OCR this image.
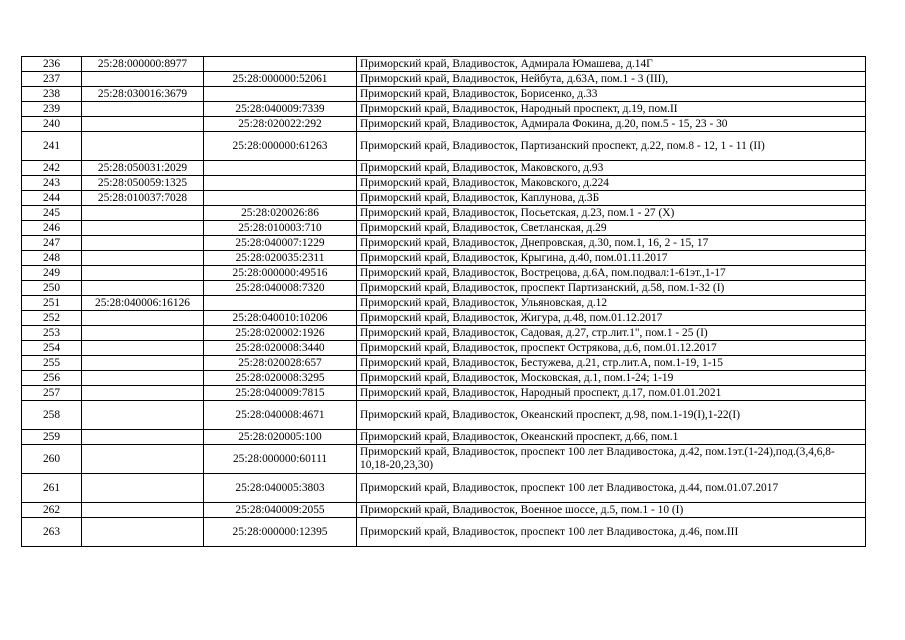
236	25:28:000000:8977		Приморский край, Владивосток, Адмирала Юмашева, д.14Г
237		25:28:000000:52061	Приморский край, Владивосток, Нейбута, д.63А, пом.1 - 3 (III),
238	25:28:030016:3679		Приморский край, Владивосток, Борисенко, д.33
239		25:28:040009:7339	Приморский край, Владивосток, Народный проспект, д.19, пом.II
240		25:28:020022:292	Приморский край, Владивосток, Адмирала Фокина, д.20, пом.5 - 15, 23 - 30
241		25:28:000000:61263	Приморский край, Владивосток, Партизанский проспект, д.22, пом.8 - 12, 1 - 11 (II)
242	25:28:050031:2029		Приморский край, Владивосток, Маковского, д.93
243	25:28:050059:1325		Приморский край, Владивосток, Маковского, д.224
244	25:28:010037:7028		Приморский край, Владивосток, Каплунова, д.3Б
245		25:28:020026:86	Приморский край, Владивосток, Посьетская, д.23, пом.1 - 27 (X)
246		25:28:010003:710	Приморский край, Владивосток, Светланская, д.29
247		25:28:040007:1229	Приморский край, Владивосток, Днепровская, д.30, пом.1, 16, 2 - 15, 17
248		25:28:020035:2311	Приморский край, Владивосток, Крыгина, д.40, пом.01.11.2017
249		25:28:000000:49516	Приморский край, Владивосток, Вострецова, д.6А, пом.подвал:1-61эт.,1-17
250		25:28:040008:7320	Приморский край, Владивосток, проспект Партизанский, д.58, пом.1-32 (I)
251	25:28:040006:16126		Приморский край, Владивосток, Ульяновская, д.12
252		25:28:040010:10206	Приморский край, Владивосток, Жигура, д.48, пом.01.12.2017
253		25:28:020002:1926	Приморский край, Владивосток, Садовая, д.27, стр.лит.1", пом.1 - 25 (I)
254		25:28:020008:3440	Приморский край, Владивосток, проспект Острякова, д.6, пом.01.12.2017
255		25:28:020028:657	Приморский край, Владивосток, Бестужева, д.21, стр.лит.А, пом.1-19, 1-15
256		25:28:020008:3295	Приморский край, Владивосток, Московская, д.1, пом.1-24; 1-19
257		25:28:040009:7815	Приморский край, Владивосток, Народный проспект, д.17, пом.01.01.2021
258		25:28:040008:4671	Приморский край, Владивосток, Океанский проспект, д.98, пом.1-19(I),1-22(I)
259		25:28:020005:100	Приморский край, Владивосток, Океанский проспект, д.66, пом.1
260		25:28:000000:60111	Приморский край, Владивосток, проспект 100 лет Владивостока, д.42, пом.1эт.(1-24),под.(3,4,6,8-10,18-20,23,30)
261		25:28:040005:3803	Приморский край, Владивосток, проспект 100 лет Владивостока, д.44, пом.01.07.2017
262		25:28:040009:2055	Приморский край, Владивосток, Военное шоссе, д.5, пом.1 - 10 (I)
263		25:28:000000:12395	Приморский край, Владивосток, проспект 100 лет Владивостока, д.46, пом.III
